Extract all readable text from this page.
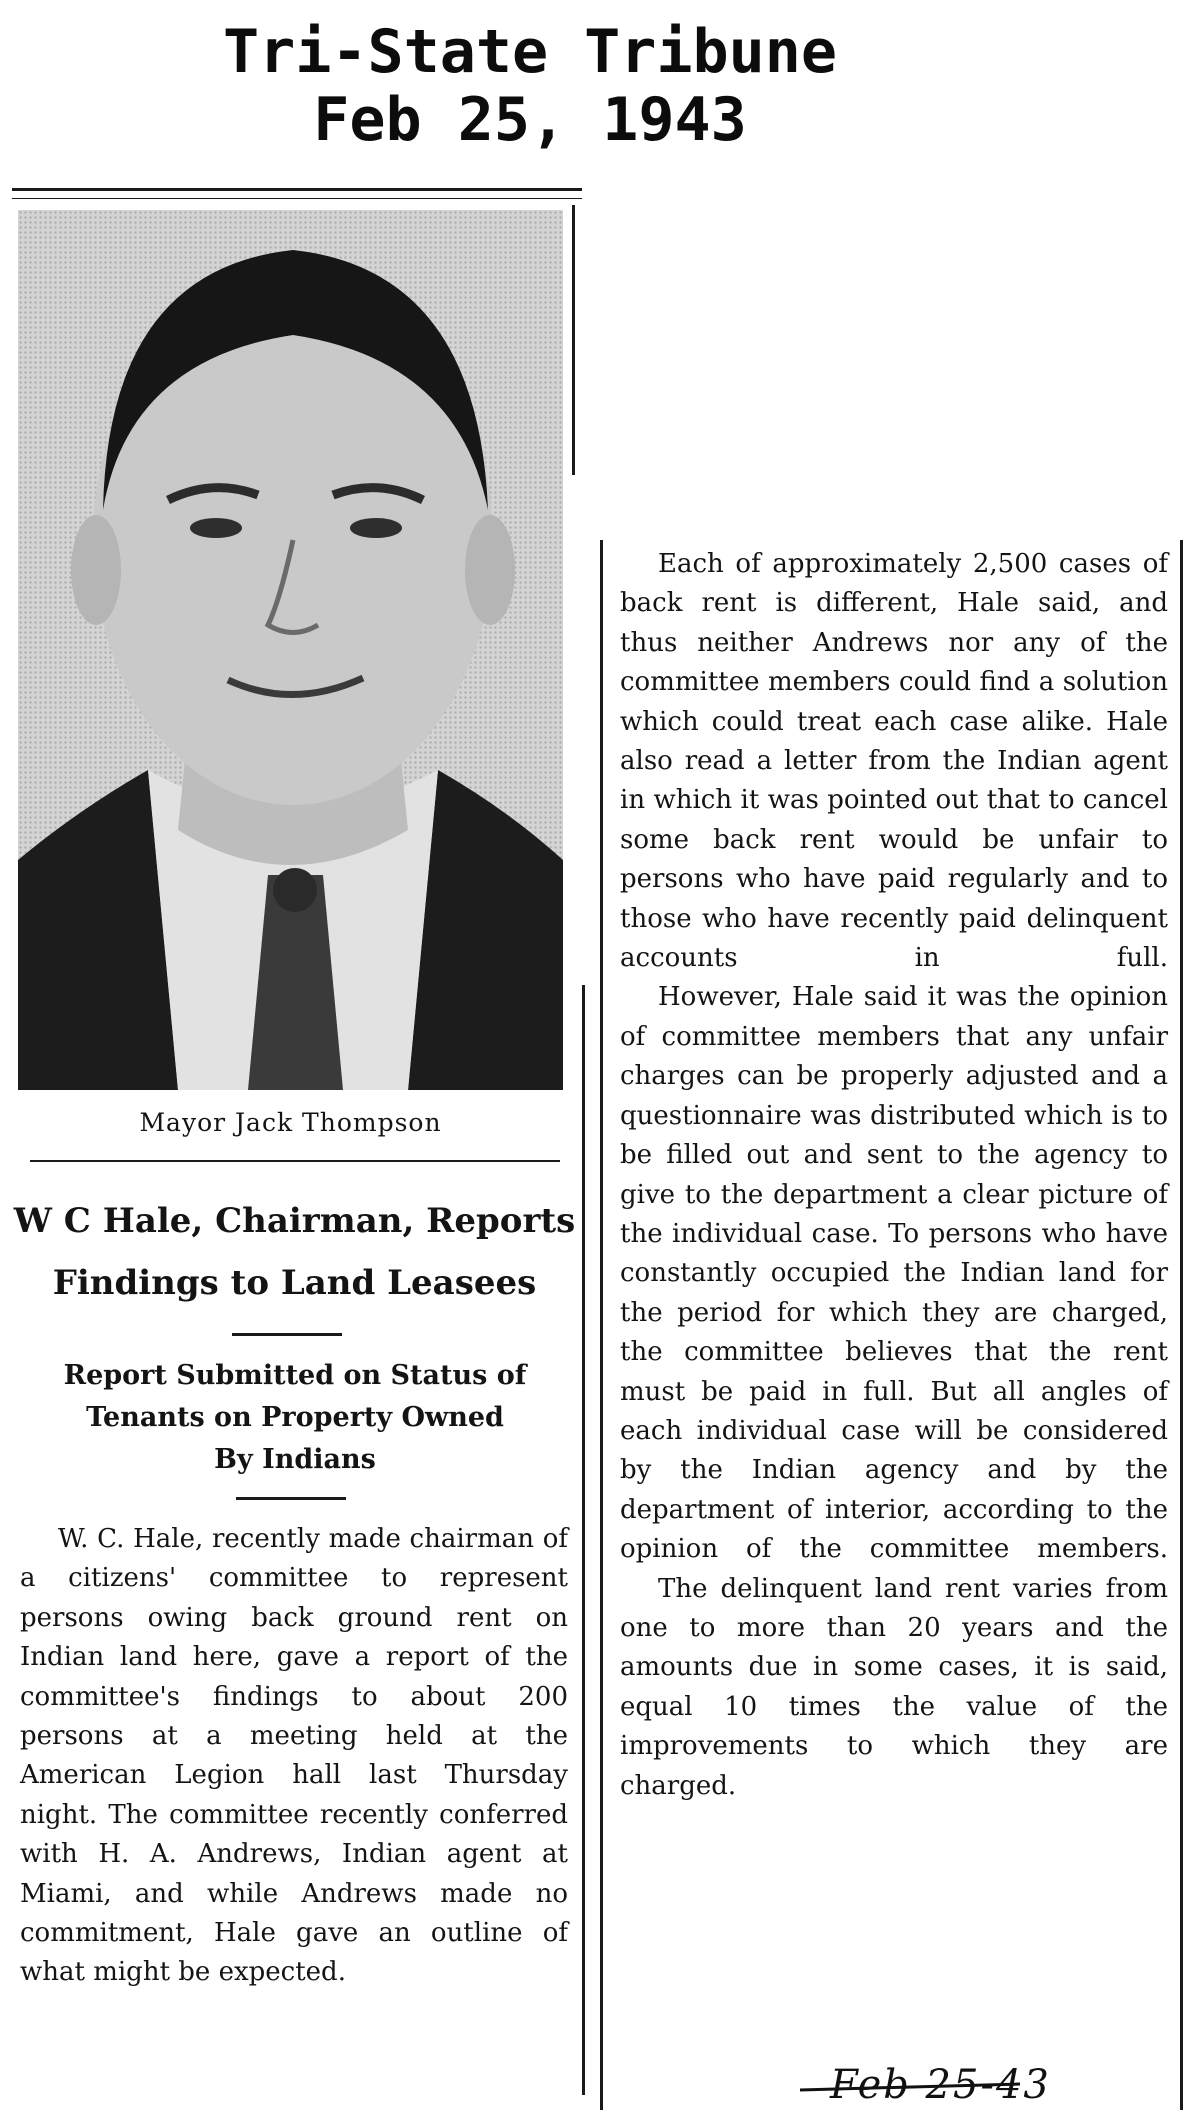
Tri-State Tribune
Feb 25, 1943
Mayor Jack Thompson
W C Hale, Chairman, Reports
Findings to Land Leasees
Report Submitted on Status of
Tenants on Property Owned
By Indians

W. C. Hale, recently made chairman of a citizens' committee to represent persons owing back ground rent on Indian land here, gave a report of the committee's findings to about 200 persons at a meeting held at the American Legion hall last Thursday night. The committee recently conferred with H. A. Andrews, Indian agent at Miami, and while Andrews made no commitment, Hale gave an outline of what might be expected.

Each of approximately 2,500 cases of back rent is different, Hale said, and thus neither Andrews nor any of the committee members could find a solution which could treat each case alike. Hale also read a letter from the Indian agent in which it was pointed out that to cancel some back rent would be unfair to persons who have paid regularly and to those who have recently paid delinquent accounts in full.

However, Hale said it was the opinion of committee members that any unfair charges can be properly adjusted and a questionnaire was distributed which is to be filled out and sent to the agency to give to the department a clear picture of the individual case. To persons who have constantly occupied the Indian land for the period for which they are charged, the committee believes that the rent must be paid in full. But all angles of each individual case will be considered by the Indian agency and by the department of interior, according to the opinion of the committee members.

The delinquent land rent varies from one to more than 20 years and the amounts due in some cases, it is said, equal 10 times the value of the improvements to which they are charged.

Feb 25-43
